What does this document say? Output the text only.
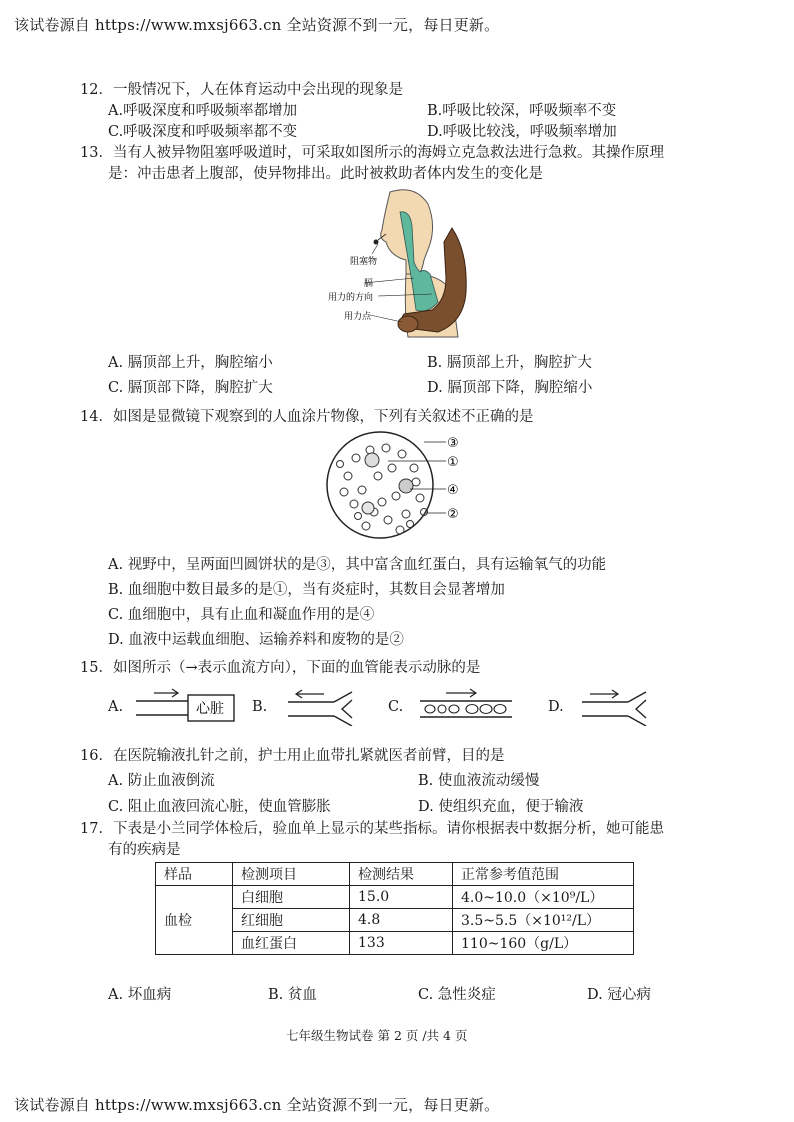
该试卷源自 https://www.mxsj663.cn 全站资源不到一元，每日更新。
12．一般情况下，人在体育运动中会出现的现象是
A.呼吸深度和呼吸频率都增加	B.呼吸比较深，呼吸频率不变
C.呼吸深度和呼吸频率都不变	D.呼吸比较浅，呼吸频率增加
13．当有人被异物阻塞呼吸道时，可采取如图所示的海姆立克急救法进行急救。其操作原理
是：冲击患者上腹部，使异物排出。此时被救助者体内发生的变化是
阻塞物
膈
用力的方向
用力点
A. 膈顶部上升，胸腔缩小	B. 膈顶部上升，胸腔扩大
C. 膈顶部下降，胸腔扩大	D. 膈顶部下降，胸腔缩小
14．如图是显微镜下观察到的人血涂片物像，下列有关叙述不正确的是
③
①
④
②
A. 视野中，呈两面凹圆饼状的是③，其中富含血红蛋白，具有运输氧气的功能
B. 血细胞中数目最多的是①，当有炎症时，其数目会显著增加
C. 血细胞中，具有止血和凝血作用的是④
D. 血液中运载血细胞、运输养料和废物的是②
15．如图所示（→表示血流方向），下面的血管能表示动脉的是
A.	心脏 B.	C.	D.
16．在医院输液扎针之前，护士用止血带扎紧就医者前臂，目的是
A. 防止血液倒流	B. 使血液流动缓慢
C. 阻止血液回流心脏，使血管膨胀	D. 使组织充血，便于输液
17．下表是小兰同学体检后，验血单上显示的某些指标。请你根据表中数据分析，她可能患
有的疾病是
样品	检测项目	检测结果	正常参考值范围
血检	白细胞	15.0	4.0~10.0（×10⁹/L）
	红细胞	4.8	3.5~5.5（×10¹²/L）
	血红蛋白	133	110~160（g/L）
A. 坏血病	B. 贫血	C. 急性炎症	D. 冠心病
七年级生物试卷 第 2 页 /共 4 页
该试卷源自 https://www.mxsj663.cn 全站资源不到一元，每日更新。
